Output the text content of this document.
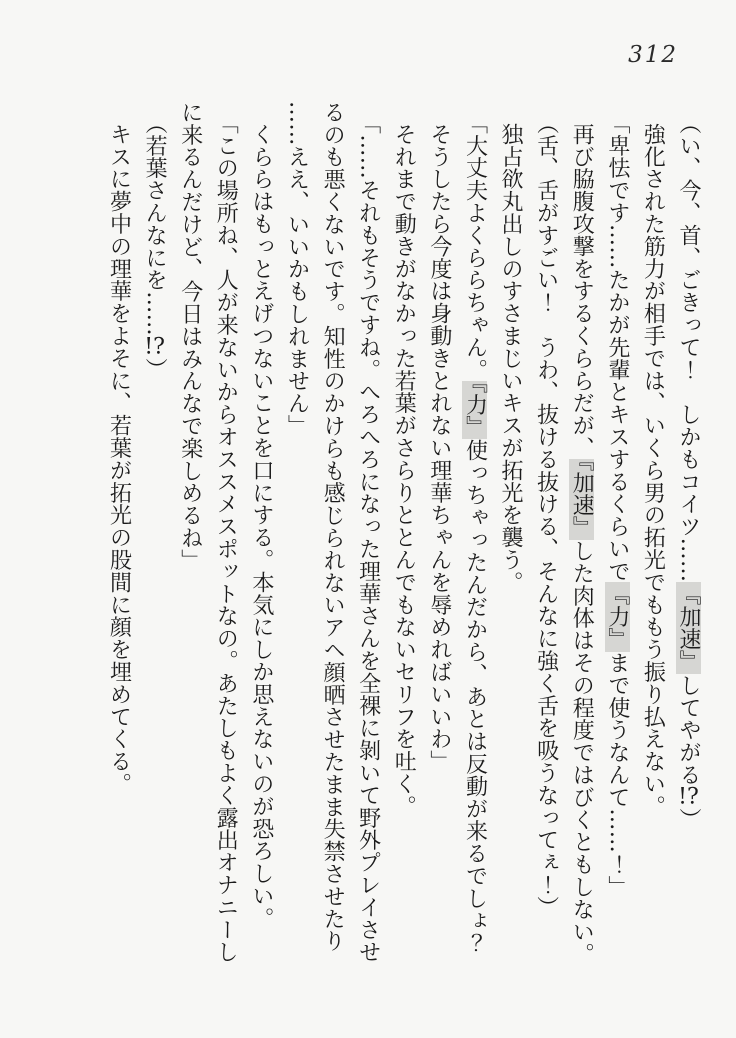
312
（い、今、首、ごきって！　しかもコイツ……『加速』してやがる!?）
強化された筋力が相手では、いくら男の拓光でももう振り払えない。
「卑怯です……たかが先輩とキスするくらいで『力』まで使うなんて……！」
再び脇腹攻撃をするくららだが、『加速』した肉体はその程度ではびくともしない。
（舌、舌がすごい！　うわ、抜ける抜ける、そんなに強く舌を吸うなってぇ！）
独占欲丸出しのすさまじいキスが拓光を襲う。
「大丈夫よくららちゃん。『力』使っちゃったんだから、あとは反動が来るでしょ？
そうしたら今度は身動きとれない理華ちゃんを辱めればいいわ」
それまで動きがなかった若葉がさらりととんでもないセリフを吐く。
「……それもそうですね。へろへろになった理華さんを全裸に剝いて野外プレイさせ
るのも悪くないです。知性のかけらも感じられないアヘ顔晒させたまま失禁させたり
……ええ、いいかもしれません」
くららはもっとえげつないことを口にする。本気にしか思えないのが恐ろしい。
「この場所ね、人が来ないからオススメスポットなの。あたしもよく露出オナニーし
に来るんだけど、今日はみんなで楽しめるね」
（若葉さんなにを……!?）
キスに夢中の理華をよそに、若葉が拓光の股間に顔を埋めてくる。
